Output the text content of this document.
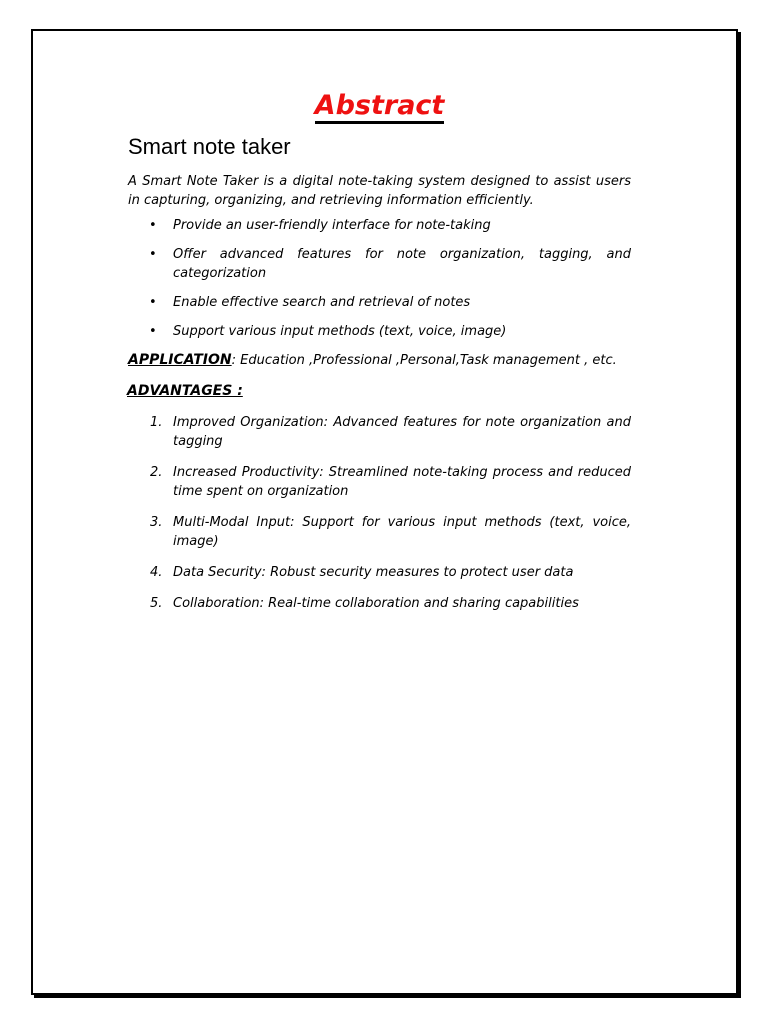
Abstract
Smart note taker

A Smart Note Taker is a digital note-taking system designed to assist users in capturing, organizing, and retrieving information efficiently.

• Provide an user-friendly interface for note-taking
• Offer advanced features for note organization, tagging, and categorization
• Enable effective search and retrieval of notes
• Support various input methods (text, voice, image)
APPLICATION: Education ,Professional ,Personal,Task management , etc.
ADVANTAGES :
1. Improved Organization: Advanced features for note organization and tagging
2. Increased Productivity: Streamlined note-taking process and reduced time spent on organization
3. Multi-Modal Input: Support for various input methods (text, voice, image)
4. Data Security: Robust security measures to protect user data
5. Collaboration: Real-time collaboration and sharing capabilities
